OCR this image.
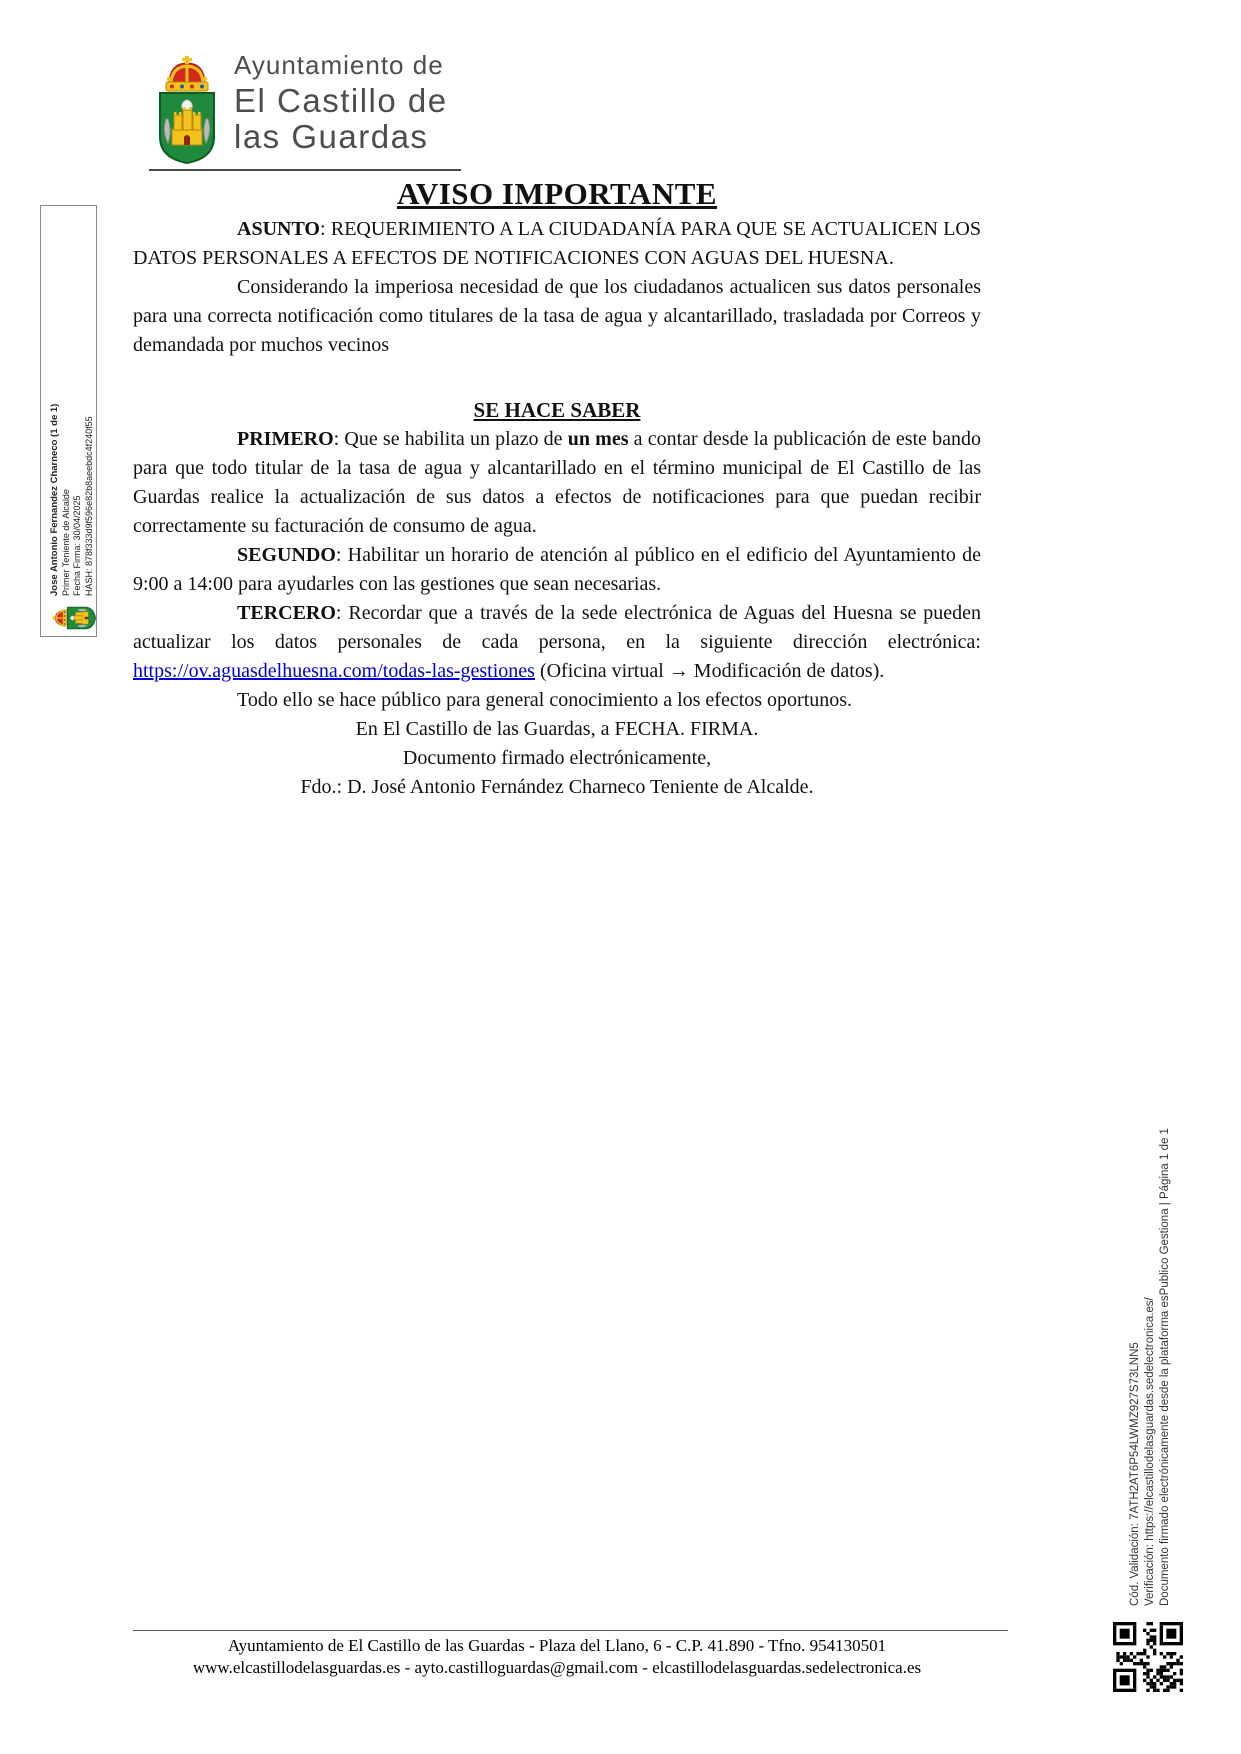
Ayuntamiento de
El Castillo de
las Guardas
AVISO IMPORTANTE

ASUNTO: REQUERIMIENTO A LA CIUDADANÍA PARA QUE SE ACTUALICEN LOS DATOS PERSONALES A EFECTOS DE NOTIFICACIONES CON AGUAS DEL HUESNA.

Considerando la imperiosa necesidad de que los ciudadanos actualicen sus datos personales para una correcta notificación como titulares de la tasa de agua y alcantarillado, trasladada por Correos y demandada por muchos vecinos

SE HACE SABER

PRIMERO: Que se habilita un plazo de un mes a contar desde la publicación de este bando para que todo titular de la tasa de agua y alcantarillado en el término municipal de El Castillo de las Guardas realice la actualización de sus datos a efectos de notificaciones para que puedan recibir correctamente su facturación de consumo de agua.

SEGUNDO: Habilitar un horario de atención al público en el edificio del Ayuntamiento de 9:00 a 14:00 para ayudarles con las gestiones que sean necesarias.

TERCERO: Recordar que a través de la sede electrónica de Aguas del Huesna se pueden actualizar los datos personales de cada persona, en la siguiente dirección electrónica: https://ov.aguasdelhuesna.com/todas-las-gestiones (Oficina virtual → Modificación de datos).

Todo ello se hace público para general conocimiento a los efectos oportunos.

En El Castillo de las Guardas, a FECHA. FIRMA.

Documento firmado electrónicamente,

Fdo.: D. José Antonio Fernández Charneco Teniente de Alcalde.

Jose Antonio Fernandez Charneco (1 de 1) Primer Teniente de Alcalde Fecha Firma: 30/04/2025 HASH: 878f333d9f596e82b8aeebdc4f240f55
Cód. Validación: 7ATH2AT6P54LWMZ927S73LNN5 Verificación: https://elcastillodelasguardas.sedelectronica.es/ Documento firmado electrónicamente desde la plataforma esPublico Gestiona | Página 1 de 1
Ayuntamiento de El Castillo de las Guardas - Plaza del Llano, 6 - C.P. 41.890 - Tfno. 954130501
www.elcastillodelasguardas.es - ayto.castilloguardas@gmail.com - elcastillodelasguardas.sedelectronica.es
